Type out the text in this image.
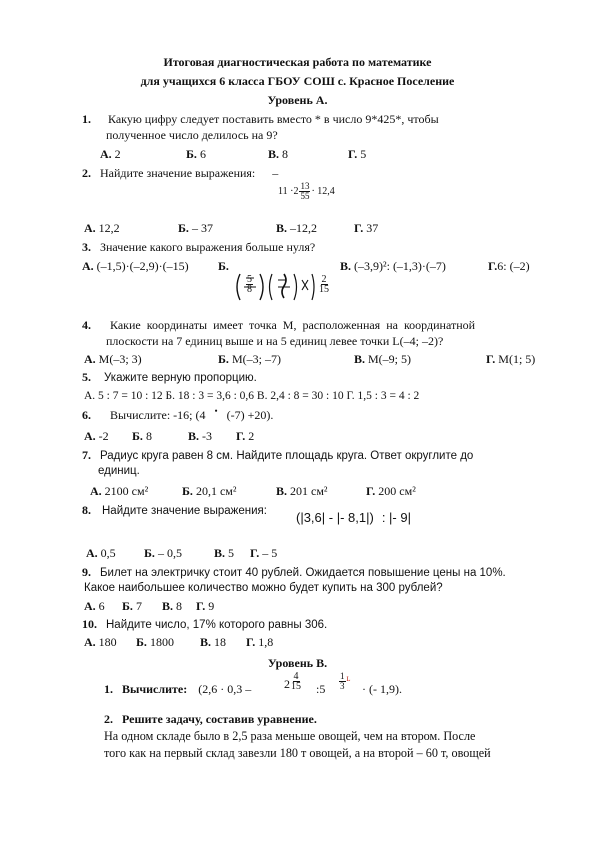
Итоговая диагностическая работа по математике
для учащихся 6 класса ГБОУ СОШ с. Красное Поселение
Уровень А.
1. Какую цифру следует поставить вместо * в число 9*425*, чтобы
полученное число делилось на 9?
А. 2	Б. 6	В. 8	Г. 5
2. Найдите значение выражения: –
$11 \cdot 2 \frac{13}{55} \cdot 12,4$
А. 12,2	Б. – 37	В. –12,2	Г. 37
3. Значение какого выражения больше нуля?
А. (–1,5)·(–2,9)·(–15) Б.	В. (–3,9)²: (–1,3)·(–7)	Г.6: (–2)
$\frac{5}{8}$	$\frac{2}{15}$
4. Какие координаты имеет точка M, расположенная на координатной
плоскости на 7 единиц выше и на 5 единиц левее точки L(–4; –2)?
А. M(–3; 3)	Б. M(–3; –7)	В. M(–9; 5)	Г. M(1; 5)
5. Укажите верную пропорцию.
А. 5 : 7 = 10 : 12 Б. 18 : 3 = 3,6 : 0,6 В. 2,4 : 8 = 30 : 10 Г. 1,5 : 3 = 4 : 2
6. Вычислите: -16; (4 • (-7) +20).
А. -2 Б. 8	В. -3 Г. 2
7. Радиус круга равен 8 см. Найдите площадь круга. Ответ округлите до
единиц.
А. 2100 см²	Б. 20,1 см²	В. 201 см²	Г. 200 см²
8. Найдите значение выражения: (|3,6| - |- 8,1|) : |- 9|
А. 0,5 Б. – 0,5	В. 5 Г. – 5
9. Билет на электричку стоит 40 рублей. Ожидается повышение цены на 10%.
Какое наибольшее количество можно будет купить на 300 рублей?
А. 6 Б. 7 В. 8 Г. 9
10. Найдите число, 17% которого равны 306.
А. 180 Б. 1800 В. 18 Г. 1,8
Уровень В.
1. Вычислите: (2,6 · 0,3 –	$2 \frac{4}{15}$ :5 $\frac{1}{3}$ ʟ
· (- 1,9).
2. Решите задачу, составив уравнение.
На одном складе было в 2,5 раза меньше овощей, чем на втором. После
того как на первый склад завезли 180 т овощей, а на второй – 60 т, овощей
